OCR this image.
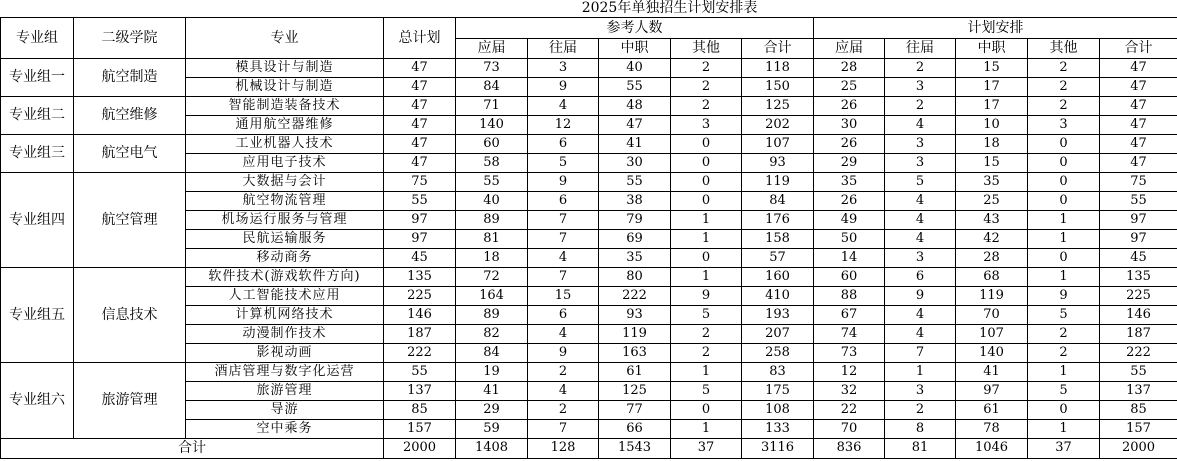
			2025年单独招生计划安排表										
专业组	二级学院	专业	总计划	参考人数					计划安排				
				应届	往届	中职	其他	合计	应届	往届	中职	其他	合计
专业组一	航空制造	模具设计与制造	47	73	3	40	2	118	28	2	15	2	47
		机械设计与制造	47	84	9	55	2	150	25	3	17	2	47
专业组二	航空维修	智能制造装备技术	47	71	4	48	2	125	26	2	17	2	47
		通用航空器维修	47	140	12	47	3	202	30	4	10	3	47
专业组三	航空电气	工业机器人技术	47	60	6	41	0	107	26	3	18	0	47
		应用电子技术	47	58	5	30	0	93	29	3	15	0	47
专业组四	航空管理	大数据与会计	75	55	9	55	0	119	35	5	35	0	75
		航空物流管理	55	40	6	38	0	84	26	4	25	0	55
		机场运行服务与管理	97	89	7	79	1	176	49	4	43	1	97
		民航运输服务	97	81	7	69	1	158	50	4	42	1	97
		移动商务	45	18	4	35	0	57	14	3	28	0	45
专业组五	信息技术	软件技术(游戏软件方向)	135	72	7	80	1	160	60	6	68	1	135
		人工智能技术应用	225	164	15	222	9	410	88	9	119	9	225
		计算机网络技术	146	89	6	93	5	193	67	4	70	5	146
		动漫制作技术	187	82	4	119	2	207	74	4	107	2	187
		影视动画	222	84	9	163	2	258	73	7	140	2	222
专业组六	旅游管理	酒店管理与数字化运营	55	19	2	61	1	83	12	1	41	1	55
		旅游管理	137	41	4	125	5	175	32	3	97	5	137
		导游	85	29	2	77	0	108	22	2	61	0	85
		空中乘务	157	59	7	66	1	133	70	8	78	1	157
合计			2000	1408	128	1543	37	3116	836	81	1046	37	2000
